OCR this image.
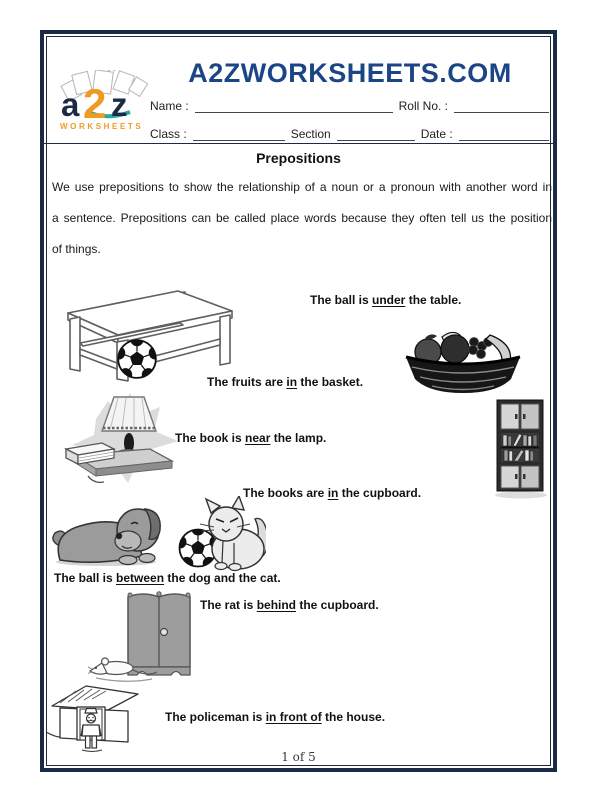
a 2 z
WORKSHEETS
A2ZWORKSHEETS.COM
Name :	Roll No. :
Class :	Section	Date :
Prepositions
We use prepositions to show the relationship of a noun or a pronoun with another word in
a sentence. Prepositions can be called place words because they often tell us the position
of things.
The ball is under the table.
The fruits are in the basket.
The book is near the lamp.
The books are in the cupboard.
The ball is between the dog and the cat.
The rat is behind the cupboard.
The policeman is in front of the house.
1 of 5
